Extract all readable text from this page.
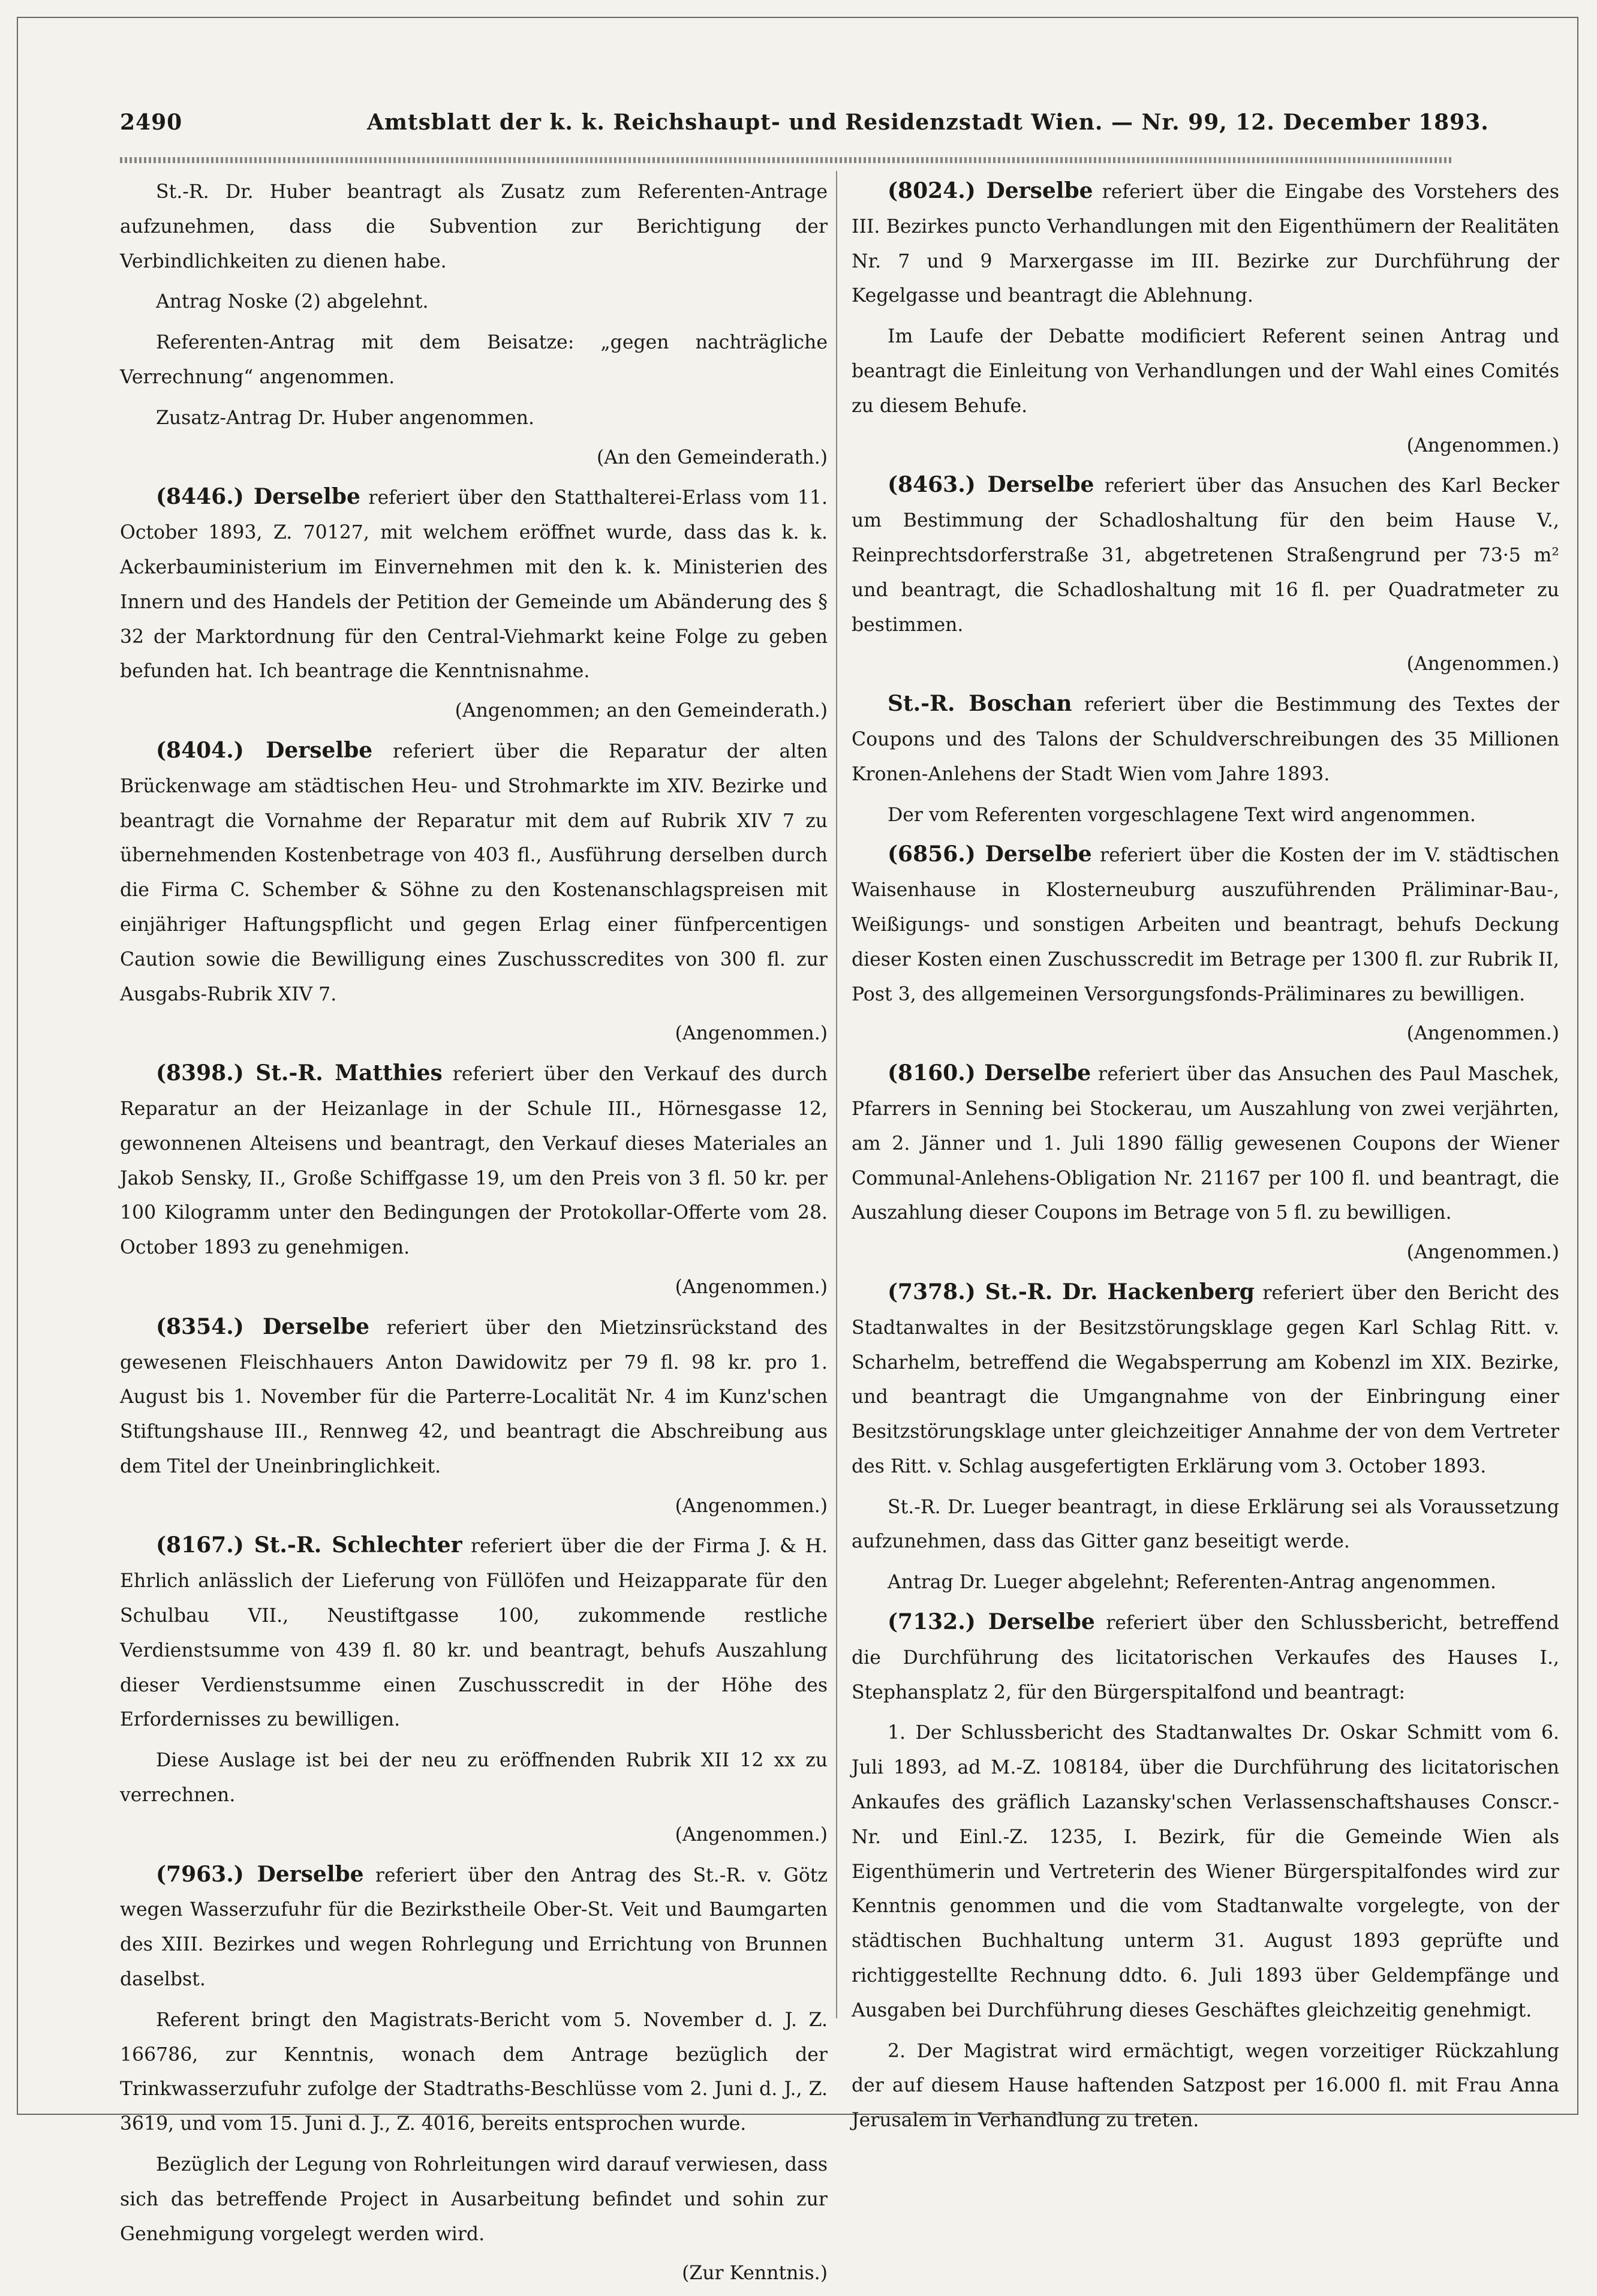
2490	Amtsblatt der k. k. Reichshaupt- und Residenzstadt Wien. — Nr. 99, 12. December 1893.

St.-R. Dr. Huber beantragt als Zusatz zum Referenten-Antrage aufzunehmen, dass die Subvention zur Berichtigung der Verbindlichkeiten zu dienen habe.

Antrag Noske (2) abgelehnt.

Referenten-Antrag mit dem Beisatze: „gegen nachträgliche Verrechnung“ angenommen.

Zusatz-Antrag Dr. Huber angenommen.

(An den Gemeinderath.)

(8446.) Derselbe referiert über den Statthalterei-Erlass vom 11. October 1893, Z. 70127, mit welchem eröffnet wurde, dass das k. k. Ackerbauministerium im Einvernehmen mit den k. k. Ministerien des Innern und des Handels der Petition der Gemeinde um Abänderung des § 32 der Marktordnung für den Central-Viehmarkt keine Folge zu geben befunden hat. Ich beantrage die Kenntnisnahme.

(Angenommen; an den Gemeinderath.)

(8404.) Derselbe referiert über die Reparatur der alten Brückenwage am städtischen Heu- und Strohmarkte im XIV. Bezirke und beantragt die Vornahme der Reparatur mit dem auf Rubrik XIV 7 zu übernehmenden Kostenbetrage von 403 fl., Ausführung derselben durch die Firma C. Schember & Söhne zu den Kostenanschlagspreisen mit einjähriger Haftungspflicht und gegen Erlag einer fünfpercentigen Caution sowie die Bewilligung eines Zuschusscredites von 300 fl. zur Ausgabs-Rubrik XIV 7.

(Angenommen.)

(8398.) St.-R. Matthies referiert über den Verkauf des durch Reparatur an der Heizanlage in der Schule III., Hörnesgasse 12, gewonnenen Alteisens und beantragt, den Verkauf dieses Materiales an Jakob Sensky, II., Große Schiffgasse 19, um den Preis von 3 fl. 50 kr. per 100 Kilogramm unter den Bedingungen der Protokollar-Offerte vom 28. October 1893 zu genehmigen.

(Angenommen.)

(8354.) Derselbe referiert über den Mietzinsrückstand des gewesenen Fleischhauers Anton Dawidowitz per 79 fl. 98 kr. pro 1. August bis 1. November für die Parterre-Localität Nr. 4 im Kunz'schen Stiftungshause III., Rennweg 42, und beantragt die Abschreibung aus dem Titel der Uneinbringlichkeit.

(Angenommen.)

(8167.) St.-R. Schlechter referiert über die der Firma J. & H. Ehrlich anlässlich der Lieferung von Füllöfen und Heizapparate für den Schulbau VII., Neustiftgasse 100, zukommende restliche Verdienstsumme von 439 fl. 80 kr. und beantragt, behufs Auszahlung dieser Verdienstsumme einen Zuschusscredit in der Höhe des Erfordernisses zu bewilligen.

Diese Auslage ist bei der neu zu eröffnenden Rubrik XII 12 xx zu verrechnen.

(Angenommen.)

(7963.) Derselbe referiert über den Antrag des St.-R. v. Götz wegen Wasserzufuhr für die Bezirkstheile Ober-St. Veit und Baumgarten des XIII. Bezirkes und wegen Rohrlegung und Errichtung von Brunnen daselbst.

Referent bringt den Magistrats-Bericht vom 5. November d. J. Z. 166786, zur Kenntnis, wonach dem Antrage bezüglich der Trinkwasserzufuhr zufolge der Stadtraths-Beschlüsse vom 2. Juni d. J., Z. 3619, und vom 15. Juni d. J., Z. 4016, bereits entsprochen wurde.

Bezüglich der Legung von Rohrleitungen wird darauf verwiesen, dass sich das betreffende Project in Ausarbeitung befindet und sohin zur Genehmigung vorgelegt werden wird.

(Zur Kenntnis.)

(8024.) Derselbe referiert über die Eingabe des Vorstehers des III. Bezirkes puncto Verhandlungen mit den Eigenthümern der Realitäten Nr. 7 und 9 Marxergasse im III. Bezirke zur Durchführung der Kegelgasse und beantragt die Ablehnung.

Im Laufe der Debatte modificiert Referent seinen Antrag und beantragt die Einleitung von Verhandlungen und der Wahl eines Comités zu diesem Behufe.

(Angenommen.)

(8463.) Derselbe referiert über das Ansuchen des Karl Becker um Bestimmung der Schadloshaltung für den beim Hause V., Reinprechtsdorferstraße 31, abgetretenen Straßengrund per 73·5 m² und beantragt, die Schadloshaltung mit 16 fl. per Quadratmeter zu bestimmen.

(Angenommen.)

St.-R. Boschan referiert über die Bestimmung des Textes der Coupons und des Talons der Schuldverschreibungen des 35 Millionen Kronen-Anlehens der Stadt Wien vom Jahre 1893.

Der vom Referenten vorgeschlagene Text wird angenommen.

(6856.) Derselbe referiert über die Kosten der im V. städtischen Waisenhause in Klosterneuburg auszuführenden Präliminar-Bau-, Weißigungs- und sonstigen Arbeiten und beantragt, behufs Deckung dieser Kosten einen Zuschusscredit im Betrage per 1300 fl. zur Rubrik II, Post 3, des allgemeinen Versorgungsfonds-Präliminares zu bewilligen.

(Angenommen.)

(8160.) Derselbe referiert über das Ansuchen des Paul Maschek, Pfarrers in Senning bei Stockerau, um Auszahlung von zwei verjährten, am 2. Jänner und 1. Juli 1890 fällig gewesenen Coupons der Wiener Communal-Anlehens-Obligation Nr. 21167 per 100 fl. und beantragt, die Auszahlung dieser Coupons im Betrage von 5 fl. zu bewilligen.

(Angenommen.)

(7378.) St.-R. Dr. Hackenberg referiert über den Bericht des Stadtanwaltes in der Besitzstörungsklage gegen Karl Schlag Ritt. v. Scharhelm, betreffend die Wegabsperrung am Kobenzl im XIX. Bezirke, und beantragt die Umgangnahme von der Einbringung einer Besitzstörungsklage unter gleichzeitiger Annahme der von dem Vertreter des Ritt. v. Schlag ausgefertigten Erklärung vom 3. October 1893.

St.-R. Dr. Lueger beantragt, in diese Erklärung sei als Voraussetzung aufzunehmen, dass das Gitter ganz beseitigt werde.

Antrag Dr. Lueger abgelehnt; Referenten-Antrag angenommen.

(7132.) Derselbe referiert über den Schlussbericht, betreffend die Durchführung des licitatorischen Verkaufes des Hauses I., Stephansplatz 2, für den Bürgerspitalfond und beantragt:

1. Der Schlussbericht des Stadtanwaltes Dr. Oskar Schmitt vom 6. Juli 1893, ad M.-Z. 108184, über die Durchführung des licitatorischen Ankaufes des gräflich Lazansky'schen Verlassenschaftshauses Conscr.-Nr. und Einl.-Z. 1235, I. Bezirk, für die Gemeinde Wien als Eigenthümerin und Vertreterin des Wiener Bürgerspitalfondes wird zur Kenntnis genommen und die vom Stadtanwalte vorgelegte, von der städtischen Buchhaltung unterm 31. August 1893 geprüfte und richtiggestellte Rechnung ddto. 6. Juli 1893 über Geldempfänge und Ausgaben bei Durchführung dieses Geschäftes gleichzeitig genehmigt.

2. Der Magistrat wird ermächtigt, wegen vorzeitiger Rückzahlung der auf diesem Hause haftenden Satzpost per 16.000 fl. mit Frau Anna Jerusalem in Verhandlung zu treten.
